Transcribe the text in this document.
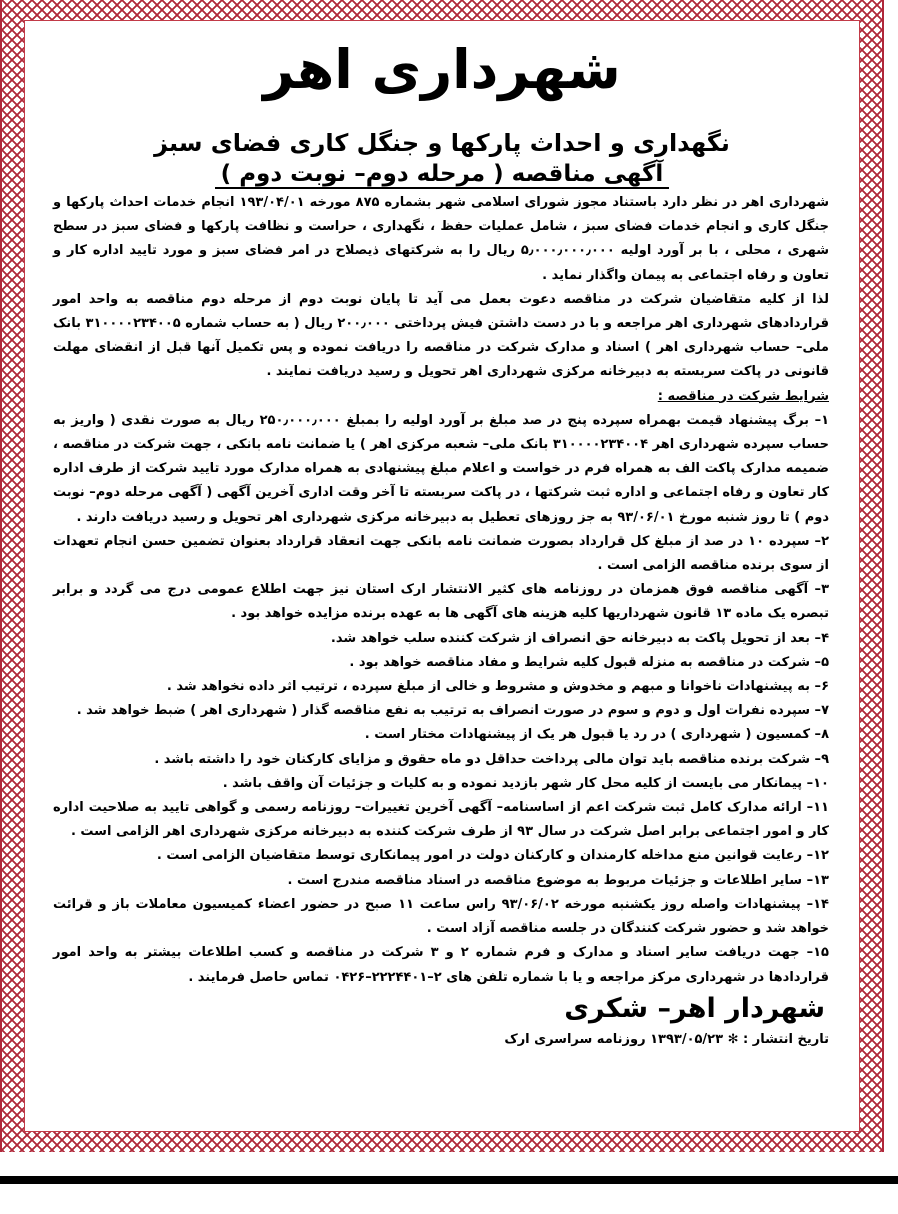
شهرداری اهر
نگهداری و احداث پارکها و جنگل کاری فضای سبز
آگهی مناقصه ( مرحله دوم– نوبت دوم )

شهرداری اهر در نظر دارد باستناد مجوز شورای اسلامی شهر بشماره ۸۷۵ مورخه ۱۹۳/۰۴/۰۱ انجام خدمات احداث پارکها و جنگل کاری و انجام خدمات فضای سبز ، شامل عملیات حفظ ، نگهداری ، حراست و نظافت پارکها و فضای سبز در سطح شهری ، محلی ، با بر آورد اولیه ۵٫۰۰۰٫۰۰۰٫۰۰۰ ریال را به شرکتهای ذیصلاح در امر فضای سبز و مورد تایید اداره کار و تعاون و رفاه اجتماعی به پیمان واگذار نماید .

لذا از کلیه متقاضیان شرکت در مناقصه دعوت بعمل می آید تا پایان نوبت دوم از مرحله دوم مناقصه به واحد امور قراردادهای شهرداری اهر مراجعه و با در دست داشتن فیش پرداختی ۲۰۰٫۰۰۰ ریال ( به حساب شماره ۳۱۰۰۰۰۲۳۴۰۰۵ بانک ملی– حساب شهرداری اهر ) اسناد و مدارک شرکت در مناقصه را دریافت نموده و پس تکمیل آنها قبل از انقضای مهلت قانونی در پاکت سربسته به دبیرخانه مرکزی شهرداری اهر تحویل و رسید دریافت نمایند .

شرایط شرکت در مناقصه :

۱– برگ پیشنهاد قیمت بهمراه سپرده پنج در صد مبلغ بر آورد اولیه را بمبلغ ۲۵۰٫۰۰۰٫۰۰۰ ریال به صورت نقدی ( واریز به حساب سپرده شهرداری اهر ۳۱۰۰۰۰۲۳۴۰۰۴ بانک ملی– شعبه مرکزی اهر ) یا ضمانت نامه بانکی ، جهت شرکت در مناقصه ، ضمیمه مدارک پاکت الف به همراه فرم در خواست و اعلام مبلغ پیشنهادی به همراه مدارک مورد تایید شرکت از طرف اداره کار تعاون و رفاه اجتماعی و اداره ثبت شرکتها ، در پاکت سربسته تا آخر وقت اداری آخرین آگهی ( آگهی مرحله دوم– نوبت دوم ) تا روز شنبه مورخ ۹۳/۰۶/۰۱ به جز روزهای تعطیل به دبیرخانه مرکزی شهرداری اهر تحویل و رسید دریافت دارند .

۲– سپرده ۱۰ در صد از مبلغ کل قرارداد بصورت ضمانت نامه بانکی جهت انعقاد قرارداد بعنوان تضمین حسن انجام تعهدات از سوی برنده مناقصه الزامی است .

۳– آگهی مناقصه فوق همزمان در روزنامه های کثیر الانتشار ارک استان نیز جهت اطلاع عمومی درج می گردد و برابر تبصره یک ماده ۱۳ قانون شهرداریها کلیه هزینه های آگهی ها به عهده برنده مزایده خواهد بود .

۴– بعد از تحویل پاکت به دبیرخانه حق انصراف از شرکت کننده سلب خواهد شد.

۵– شرکت در مناقصه به منزله قبول کلیه شرایط و مفاد مناقصه خواهد بود .

۶– به پیشنهادات ناخوانا و مبهم و مخدوش و مشروط و خالی از مبلغ سپرده ، ترتیب اثر داده نخواهد شد .

۷– سپرده نفرات اول و دوم و سوم در صورت انصراف به ترتیب به نفع مناقصه گذار ( شهرداری اهر ) ضبط خواهد شد .

۸– کمسیون ( شهرداری ) در رد یا قبول هر یک از پیشنهادات مختار است .

۹– شرکت برنده مناقصه باید توان مالی پرداخت حداقل دو ماه حقوق و مزایای کارکنان خود را داشته باشد .

۱۰– پیمانکار می بایست از کلیه محل کار شهر بازدید نموده و به کلیات و جزئیات آن واقف باشد .

۱۱– ارائه مدارک کامل ثبت شرکت اعم از اساسنامه– آگهی آخرین تغییرات– روزنامه رسمی و گواهی تایید به صلاحیت اداره کار و امور اجتماعی برابر اصل شرکت در سال ۹۳ از طرف شرکت کننده به دبیرخانه مرکزی شهرداری اهر الزامی است .

۱۲– رعایت قوانین منع مداخله کارمندان و کارکنان دولت در امور پیمانکاری توسط متقاضیان الزامی است .

۱۳– سایر اطلاعات و جزئیات مربوط به موضوع مناقصه در اسناد مناقصه مندرج است .

۱۴– پیشنهادات واصله روز یکشنبه مورخه ۹۳/۰۶/۰۲ راس ساعت ۱۱ صبح در حضور اعضاء کمیسیون معاملات باز و قرائت خواهد شد و حضور شرکت کنندگان در جلسه مناقصه آزاد است .

۱۵– جهت دریافت سایر اسناد و مدارک و فرم شماره ۲ و ۳ شرکت در مناقصه و کسب اطلاعات بیشتر به واحد امور قراردادها در شهرداری مرکز مراجعه و یا با شماره تلفن های ۲–۲۲۲۴۴۰۱–۰۴۲۶ تماس حاصل فرمایند .

شهردار اهر– شکری

تاریخ انتشار : ✻ ۱۳۹۳/۰۵/۲۳ روزنامه سراسری ارک
